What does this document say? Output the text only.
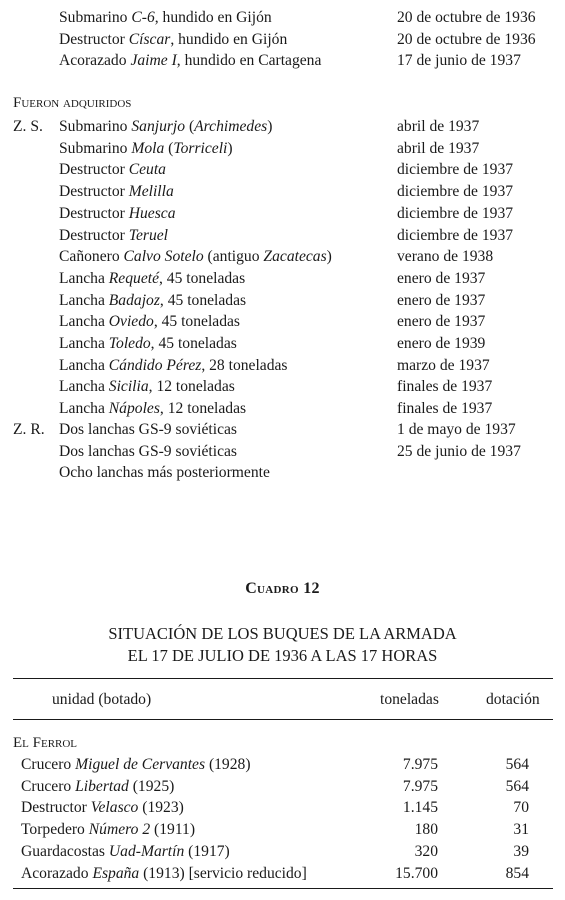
Submarino C-6, hundido en Gijón	20 de octubre de 1936
Destructor Císcar, hundido en Gijón	20 de octubre de 1936
Acorazado Jaime I, hundido en Cartagena	17 de junio de 1937
Fueron adquiridos
Z. S. Submarino Sanjurjo (Archimedes)	abril de 1937
Submarino Mola (Torriceli)	abril de 1937
Destructor Ceuta	diciembre de 1937
Destructor Melilla	diciembre de 1937
Destructor Huesca	diciembre de 1937
Destructor Teruel	diciembre de 1937
Cañonero Calvo Sotelo (antiguo Zacatecas)	verano de 1938
Lancha Requeté, 45 toneladas	enero de 1937
Lancha Badajoz, 45 toneladas	enero de 1937
Lancha Oviedo, 45 toneladas	enero de 1937
Lancha Toledo, 45 toneladas	enero de 1939
Lancha Cándido Pérez, 28 toneladas	marzo de 1937
Lancha Sicilia, 12 toneladas	finales de 1937
Lancha Nápoles, 12 toneladas	finales de 1937
Z. R. Dos lanchas GS-9 soviéticas	1 de mayo de 1937
Dos lanchas GS-9 soviéticas	25 de junio de 1937
Ocho lanchas más posteriormente
Cuadro 12
SITUACIÓN DE LOS BUQUES DE LA ARMADA
EL 17 DE JULIO DE 1936 A LAS 17 HORAS
unidad (botado)	toneladas	dotación
El Ferrol
Crucero Miguel de Cervantes (1928)	7.975	564
Crucero Libertad (1925)	7.975	564
Destructor Velasco (1923)	1.145	70
Torpedero Número 2 (1911)	180	31
Guardacostas Uad-Martín (1917)	320	39
Acorazado España (1913) [servicio reducido]	15.700	854
